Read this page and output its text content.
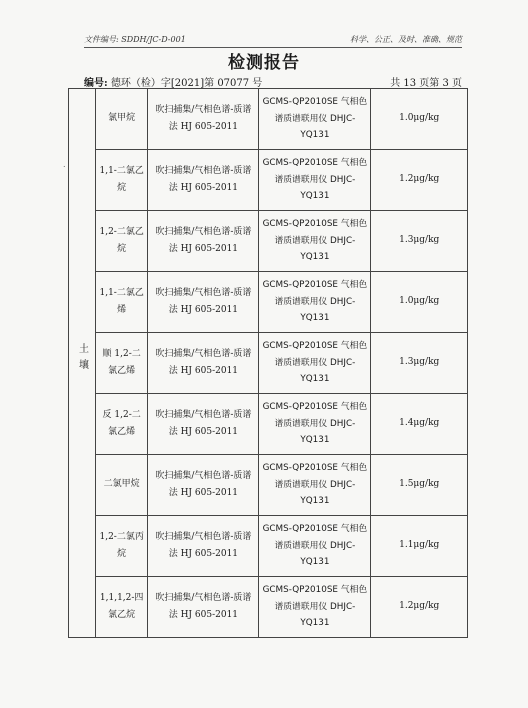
文件编号: SDDH/JC-D-001	科学、公正、及时、准确、规范
检测报告
编号: 德环（检）字[2021]第 07077 号	共 13 页第 3 页
.
土壤	氯甲烷	吹扫捕集/气相色谱-质谱法 HJ 605-2011	GCMS-QP2010SE 气相色谱质谱联用仪 DHJC-YQ131	1.0μg/kg
	1,1-二氯乙烷	吹扫捕集/气相色谱-质谱法 HJ 605-2011	GCMS-QP2010SE 气相色谱质谱联用仪 DHJC-YQ131	1.2μg/kg
	1,2-二氯乙烷	吹扫捕集/气相色谱-质谱法 HJ 605-2011	GCMS-QP2010SE 气相色谱质谱联用仪 DHJC-YQ131	1.3μg/kg
	1,1-二氯乙烯	吹扫捕集/气相色谱-质谱法 HJ 605-2011	GCMS-QP2010SE 气相色谱质谱联用仪 DHJC-YQ131	1.0μg/kg
	顺 1,2-二氯乙烯	吹扫捕集/气相色谱-质谱法 HJ 605-2011	GCMS-QP2010SE 气相色谱质谱联用仪 DHJC-YQ131	1.3μg/kg
	反 1,2-二氯乙烯	吹扫捕集/气相色谱-质谱法 HJ 605-2011	GCMS-QP2010SE 气相色谱质谱联用仪 DHJC-YQ131	1.4μg/kg
	二氯甲烷	吹扫捕集/气相色谱-质谱法 HJ 605-2011	GCMS-QP2010SE 气相色谱质谱联用仪 DHJC-YQ131	1.5μg/kg
	1,2-二氯丙烷	吹扫捕集/气相色谱-质谱法 HJ 605-2011	GCMS-QP2010SE 气相色谱质谱联用仪 DHJC-YQ131	1.1μg/kg
	1,1,1,2-四氯乙烷	吹扫捕集/气相色谱-质谱法 HJ 605-2011	GCMS-QP2010SE 气相色谱质谱联用仪 DHJC-YQ131	1.2μg/kg
